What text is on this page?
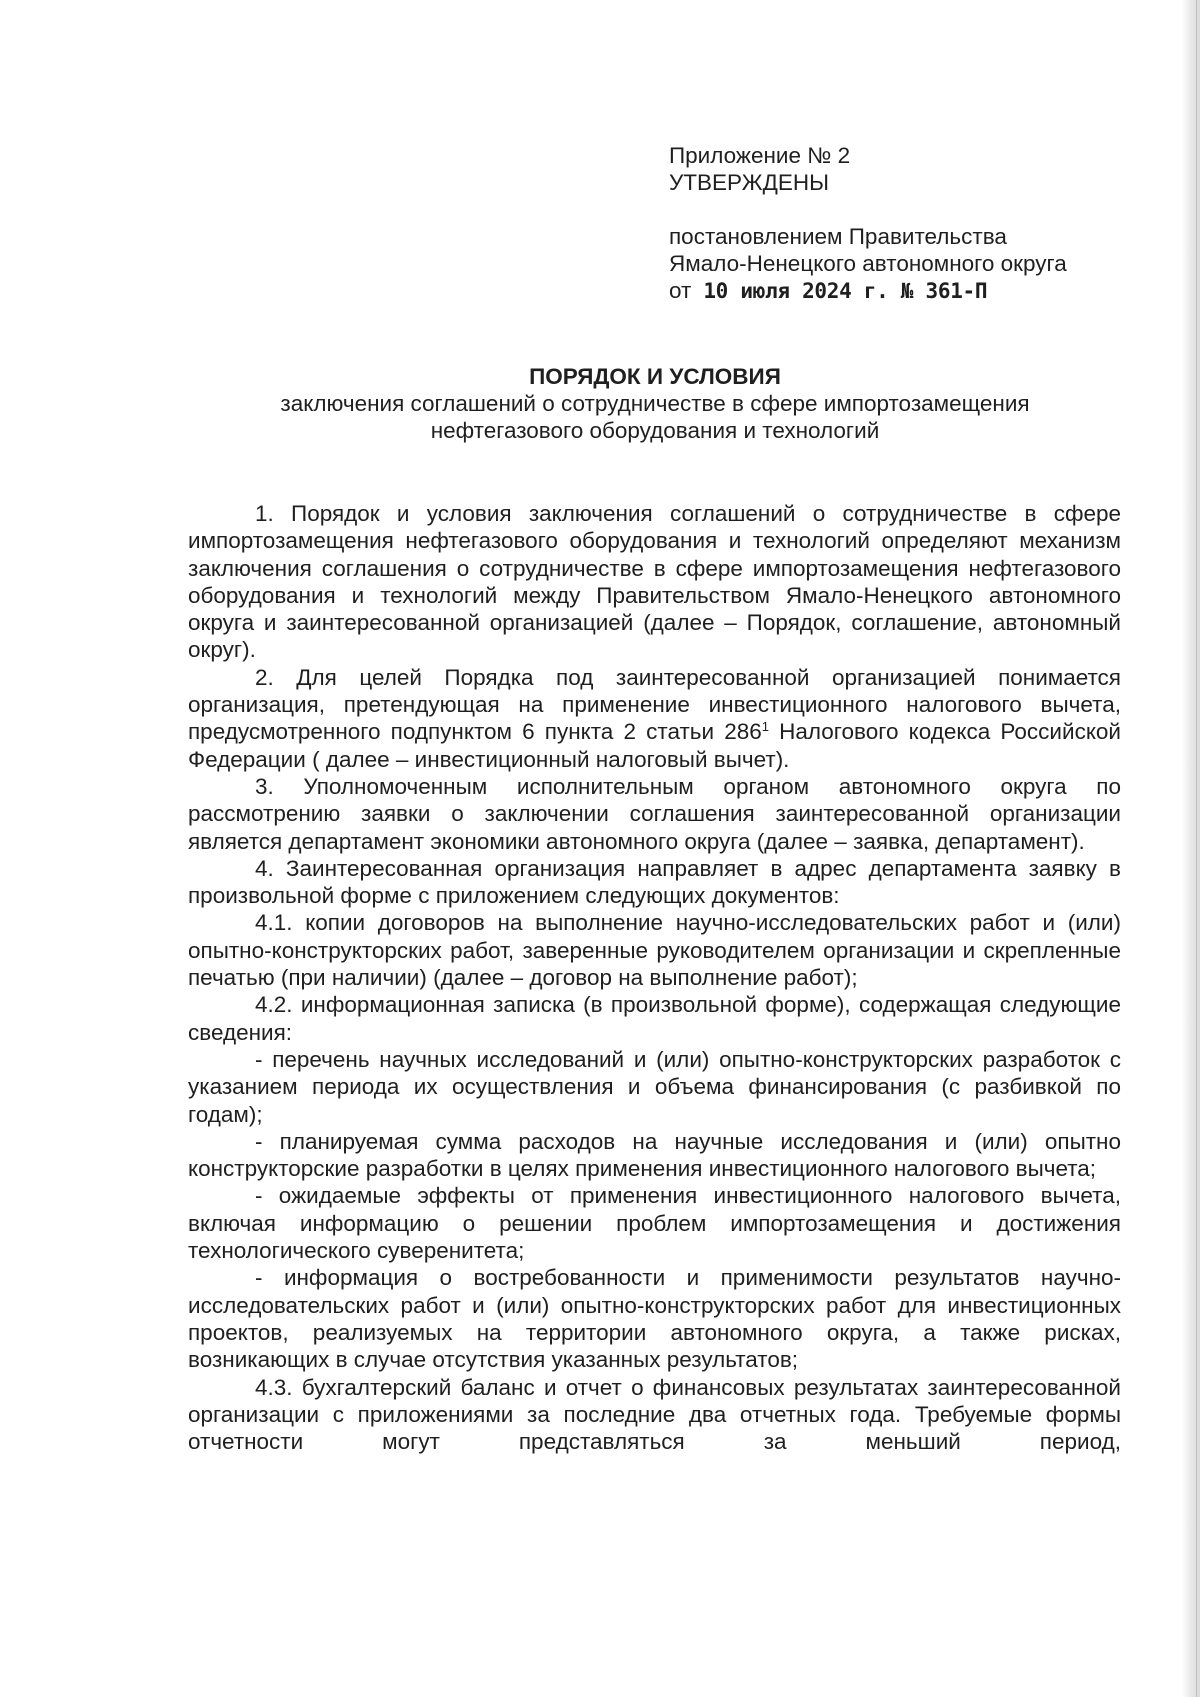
Приложение № 2
УТВЕРЖДЕНЫ
постановлением Правительства
Ямало-Ненецкого автономного округа
от 10 июля 2024 г. № 361-П
ПОРЯДОК И УСЛОВИЯ
заключения соглашений о сотрудничестве в сфере импортозамещения
нефтегазового оборудования и технологий

1. Порядок и условия заключения соглашений о сотрудничестве в сфере импортозамещения нефтегазового оборудования и технологий определяют механизм заключения соглашения о сотрудничестве в сфере импортозамещения нефтегазового оборудования и технологий между Правительством Ямало-Ненецкого автономного округа и заинтересованной организацией (далее – Порядок, соглашение, автономный округ).

2. Для целей Порядка под заинтересованной организацией понимается организация, претендующая на применение инвестиционного налогового вычета, предусмотренного подпунктом 6 пункта 2 статьи $286^1$ Налогового кодекса Российской Федерации ( далее – инвестиционный налоговый вычет).

3. Уполномоченным исполнительным органом автономного округа по рассмотрению заявки о заключении соглашения заинтересованной организации является департамент экономики автономного округа (далее – заявка, департамент).

4. Заинтересованная организация направляет в адрес департамента заявку в произвольной форме с приложением следующих документов:

4.1. копии договоров на выполнение научно-исследовательских работ и (или) опытно-конструкторских работ, заверенные руководителем организации и скрепленные печатью (при наличии) (далее – договор на выполнение работ);

4.2. информационная записка (в произвольной форме), содержащая следующие сведения:

- перечень научных исследований и (или) опытно-конструкторских разработок с указанием периода их осуществления и объема финансирования (с разбивкой по годам);

- планируемая сумма расходов на научные исследования и (или) опытно конструкторские разработки в целях применения инвестиционного налогового вычета;

- ожидаемые эффекты от применения инвестиционного налогового вычета, включая информацию о решении проблем импортозамещения и достижения технологического суверенитета;

- информация о востребованности и применимости результатов научно-исследовательских работ и (или) опытно-конструкторских работ для инвестиционных проектов, реализуемых на территории автономного округа, а также рисках, возникающих в случае отсутствия указанных результатов;

4.3. бухгалтерский баланс и отчет о финансовых результатах заинтересованной организации с приложениями за последние два отчетных года. Требуемые формы отчетности могут представляться за меньший период,
